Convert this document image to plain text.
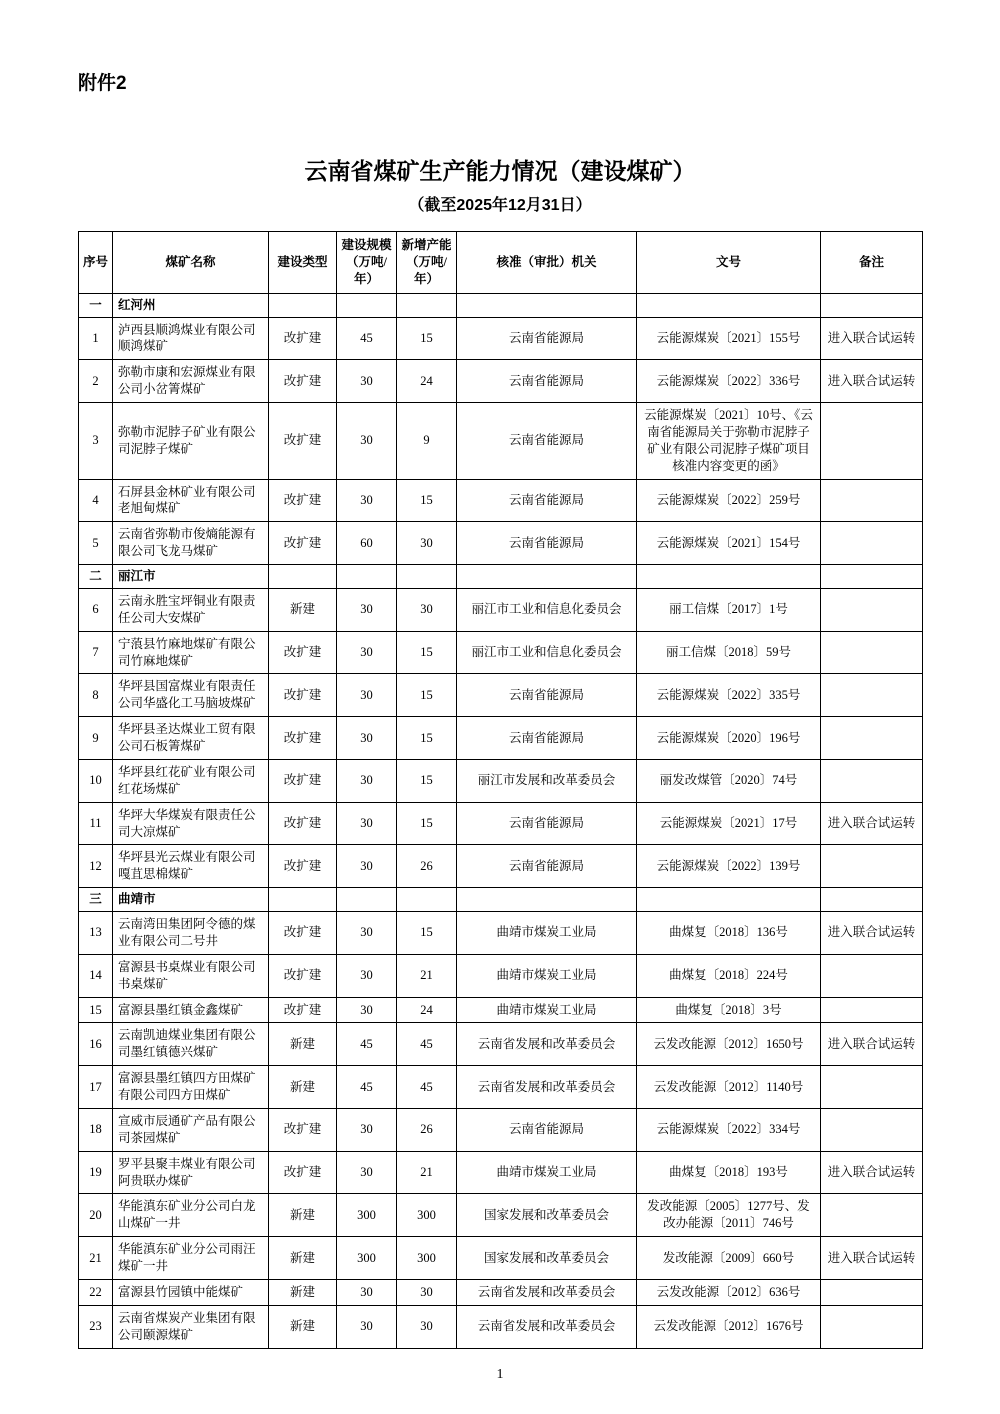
附件2
云南省煤矿生产能力情况（建设煤矿）
（截至2025年12月31日）
序号	煤矿名称	建设类型	建设规模（万吨/年）	新增产能（万吨/年）	核准（审批）机关	文号	备注
一	红河州						
1	泸西县顺鸿煤业有限公司顺鸿煤矿	改扩建	45	15	云南省能源局	云能源煤炭〔2021〕155号	进入联合试运转
2	弥勒市康和宏源煤业有限公司小岔箐煤矿	改扩建	30	24	云南省能源局	云能源煤炭〔2022〕336号	进入联合试运转
3	弥勒市泥脖子矿业有限公司泥脖子煤矿	改扩建	30	9	云南省能源局	云能源煤炭〔2021〕10号、《云南省能源局关于弥勒市泥脖子矿业有限公司泥脖子煤矿项目核准内容变更的函》	
4	石屏县金林矿业有限公司老旭甸煤矿	改扩建	30	15	云南省能源局	云能源煤炭〔2022〕259号	
5	云南省弥勒市俊熵能源有限公司飞龙马煤矿	改扩建	60	30	云南省能源局	云能源煤炭〔2021〕154号	
二	丽江市						
6	云南永胜宝坪铜业有限责任公司大安煤矿	新建	30	30	丽江市工业和信息化委员会	丽工信煤〔2017〕1号	
7	宁蒗县竹麻地煤矿有限公司竹麻地煤矿	改扩建	30	15	丽江市工业和信息化委员会	丽工信煤〔2018〕59号	
8	华坪县国富煤业有限责任公司华盛化工马脑坡煤矿	改扩建	30	15	云南省能源局	云能源煤炭〔2022〕335号	
9	华坪县圣达煤业工贸有限公司石板箐煤矿	改扩建	30	15	云南省能源局	云能源煤炭〔2020〕196号	
10	华坪县红花矿业有限公司红花场煤矿	改扩建	30	15	丽江市发展和改革委员会	丽发改煤管〔2020〕74号	
11	华坪大华煤炭有限责任公司大凉煤矿	改扩建	30	15	云南省能源局	云能源煤炭〔2021〕17号	进入联合试运转
12	华坪县光云煤业有限公司嘎苴思棉煤矿	改扩建	30	26	云南省能源局	云能源煤炭〔2022〕139号	
三	曲靖市						
13	云南湾田集团阿令德的煤业有限公司二号井	改扩建	30	15	曲靖市煤炭工业局	曲煤复〔2018〕136号	进入联合试运转
14	富源县书桌煤业有限公司书桌煤矿	改扩建	30	21	曲靖市煤炭工业局	曲煤复〔2018〕224号	
15	富源县墨红镇金鑫煤矿	改扩建	30	24	曲靖市煤炭工业局	曲煤复〔2018〕3号	
16	云南凯迪煤业集团有限公司墨红镇德兴煤矿	新建	45	45	云南省发展和改革委员会	云发改能源〔2012〕1650号	进入联合试运转
17	富源县墨红镇四方田煤矿有限公司四方田煤矿	新建	45	45	云南省发展和改革委员会	云发改能源〔2012〕1140号	
18	宣威市辰通矿产品有限公司茶园煤矿	改扩建	30	26	云南省能源局	云能源煤炭〔2022〕334号	
19	罗平县聚丰煤业有限公司阿贵联办煤矿	改扩建	30	21	曲靖市煤炭工业局	曲煤复〔2018〕193号	进入联合试运转
20	华能滇东矿业分公司白龙山煤矿一井	新建	300	300	国家发展和改革委员会	发改能源〔2005〕1277号、发改办能源〔2011〕746号	
21	华能滇东矿业分公司雨汪煤矿一井	新建	300	300	国家发展和改革委员会	发改能源〔2009〕660号	进入联合试运转
22	富源县竹园镇中能煤矿	新建	30	30	云南省发展和改革委员会	云发改能源〔2012〕636号	
23	云南省煤炭产业集团有限公司颐源煤矿	新建	30	30	云南省发展和改革委员会	云发改能源〔2012〕1676号	
1
